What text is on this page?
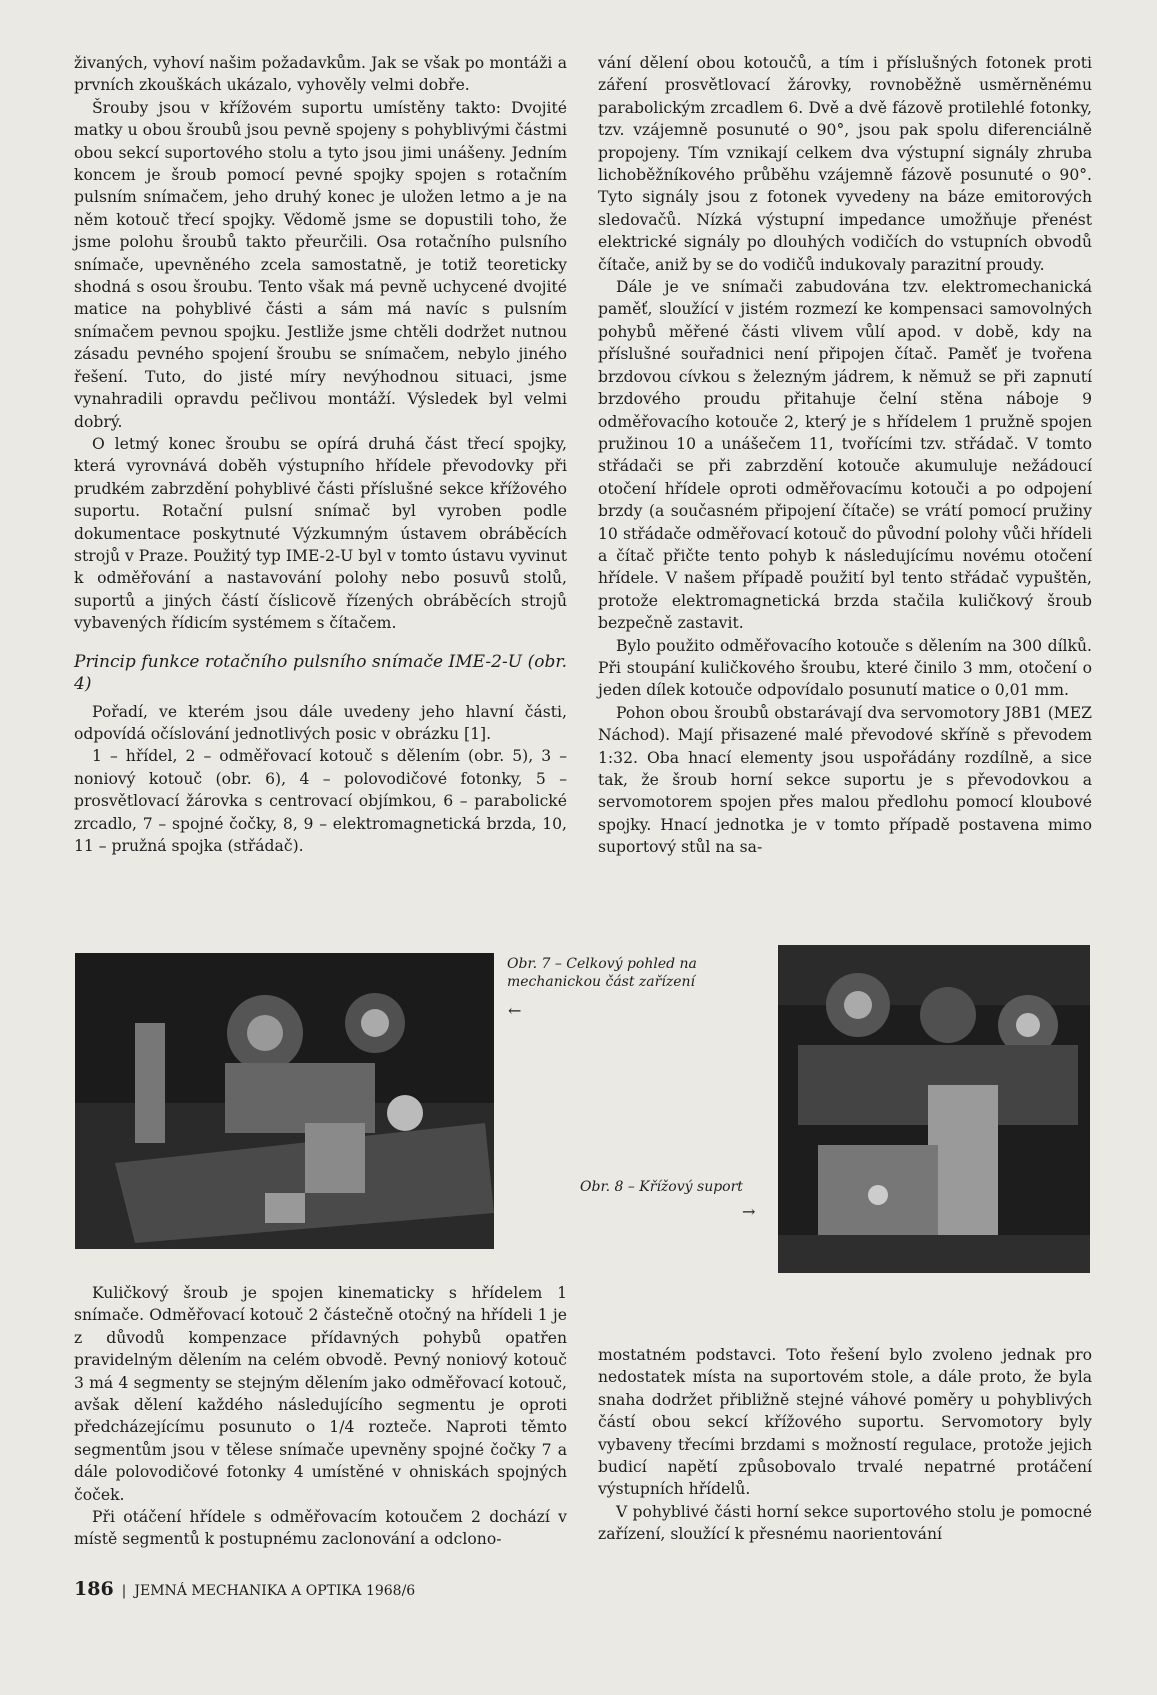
živaných, vyhoví našim požadavkům. Jak se však po montáži a prvních zkouškách ukázalo, vyhověly velmi dobře.

Šrouby jsou v křížovém suportu umístěny takto: Dvojité matky u obou šroubů jsou pevně spojeny s pohyblivými částmi obou sekcí suportového stolu a tyto jsou jimi unášeny. Jedním koncem je šroub pomocí pevné spojky spojen s rotačním pulsním snímačem, jeho druhý konec je uložen letmo a je na něm kotouč třecí spojky. Vědomě jsme se dopustili toho, že jsme polohu šroubů takto přeurčili. Osa rotačního pulsního snímače, upevněného zcela samostatně, je totiž teoreticky shodná s osou šroubu. Tento však má pevně uchycené dvojité matice na pohyblivé části a sám má navíc s pulsním snímačem pevnou spojku. Jestliže jsme chtěli dodržet nutnou zásadu pevného spojení šroubu se snímačem, nebylo jiného řešení. Tuto, do jisté míry nevýhodnou situaci, jsme vynahradili opravdu pečlivou montáží. Výsledek byl velmi dobrý.

O letmý konec šroubu se opírá druhá část třecí spojky, která vyrovnává doběh výstupního hřídele převodovky při prudkém zabrzdění pohyblivé části příslušné sekce křížového suportu. Rotační pulsní snímač byl vyroben podle dokumentace poskytnuté Výzkumným ústavem obráběcích strojů v Praze. Použitý typ IME-2-U byl v tomto ústavu vyvinut k odměřování a nastavování polohy nebo posuvů stolů, suportů a jiných částí číslicově řízených obráběcích strojů vybavených řídicím systémem s čítačem.

Princip funkce rotačního pulsního snímače IME-2-U (obr. 4)

Pořadí, ve kterém jsou dále uvedeny jeho hlavní části, odpovídá očíslování jednotlivých posic v obrázku [1].

1 – hřídel, 2 – odměřovací kotouč s dělením (obr. 5), 3 – noniový kotouč (obr. 6), 4 – polovodičové fotonky, 5 – prosvětlovací žárovka s centrovací objímkou, 6 – parabolické zrcadlo, 7 – spojné čočky, 8, 9 – elektromagnetická brzda, 10, 11 – pružná spojka (střádač).

vání dělení obou kotoučů, a tím i příslušných fotonek proti záření prosvětlovací žárovky, rovnoběžně usměrněnému parabolickým zrcadlem 6. Dvě a dvě fázově protilehlé fotonky, tzv. vzájemně posunuté o 90°, jsou pak spolu diferenciálně propojeny. Tím vznikají celkem dva výstupní signály zhruba lichoběžníkového průběhu vzájemně fázově posunuté o 90°. Tyto signály jsou z fotonek vyvedeny na báze emitorových sledovačů. Nízká výstupní impedance umožňuje přenést elektrické signály po dlouhých vodičích do vstupních obvodů čítače, aniž by se do vodičů indukovaly parazitní proudy.

Dále je ve snímači zabudována tzv. elektromechanická paměť, sloužící v jistém rozmezí ke kompensaci samovolných pohybů měřené části vlivem vůlí apod. v době, kdy na příslušné souřadnici není připojen čítač. Paměť je tvořena brzdovou cívkou s železným jádrem, k němuž se při zapnutí brzdového proudu přitahuje čelní stěna náboje 9 odměřovacího kotouče 2, který je s hřídelem 1 pružně spojen pružinou 10 a unášečem 11, tvořícími tzv. střádač. V tomto střádači se při zabrzdění kotouče akumuluje nežádoucí otočení hřídele oproti odměřovacímu kotouči a po odpojení brzdy (a současném připojení čítače) se vrátí pomocí pružiny 10 střádače odměřovací kotouč do původní polohy vůči hřídeli a čítač přičte tento pohyb k následujícímu novému otočení hřídele. V našem případě použití byl tento střádač vypuštěn, protože elektromagnetická brzda stačila kuličkový šroub bezpečně zastavit.

Bylo použito odměřovacího kotouče s dělením na 300 dílků. Při stoupání kuličkového šroubu, které činilo 3 mm, otočení o jeden dílek kotouče odpovídalo posunutí matice o 0,01 mm.

Pohon obou šroubů obstarávají dva servomotory J8B1 (MEZ Náchod). Mají přisazené malé převodové skříně s převodem 1:32. Oba hnací elementy jsou uspořádány rozdílně, a sice tak, že šroub horní sekce suportu je s převodovkou a servomotorem spojen přes malou předlohu pomocí kloubové spojky. Hnací jednotka je v tomto případě postavena mimo suportový stůl na sa-

Obr. 7 – Celkový pohled na mechanickou část zařízení
←
Obr. 8 – Křížový suport
→

Kuličkový šroub je spojen kinematicky s hřídelem 1 snímače. Odměřovací kotouč 2 částečně otočný na hřídeli 1 je z důvodů kompenzace přídavných pohybů opatřen pravidelným dělením na celém obvodě. Pevný noniový kotouč 3 má 4 segmenty se stejným dělením jako odměřovací kotouč, avšak dělení každého následujícího segmentu je oproti předcházejícímu posunuto o 1/4 rozteče. Naproti těmto segmentům jsou v tělese snímače upevněny spojné čočky 7 a dále polovodičové fotonky 4 umístěné v ohniskách spojných čoček.

Při otáčení hřídele s odměřovacím kotoučem 2 dochází v místě segmentů k postupnému zaclonování a odclono-

mostatném podstavci. Toto řešení bylo zvoleno jednak pro nedostatek místa na suportovém stole, a dále proto, že byla snaha dodržet přibližně stejné váhové poměry u pohyblivých částí obou sekcí křížového suportu. Servomotory byly vybaveny třecími brzdami s možností regulace, protože jejich budicí napětí způsobovalo trvalé nepatrné protáčení výstupních hřídelů.

V pohyblivé části horní sekce suportového stolu je pomocné zařízení, sloužící k přesnému naorientování

186 | JEMNÁ MECHANIKA A OPTIKA 1968/6
